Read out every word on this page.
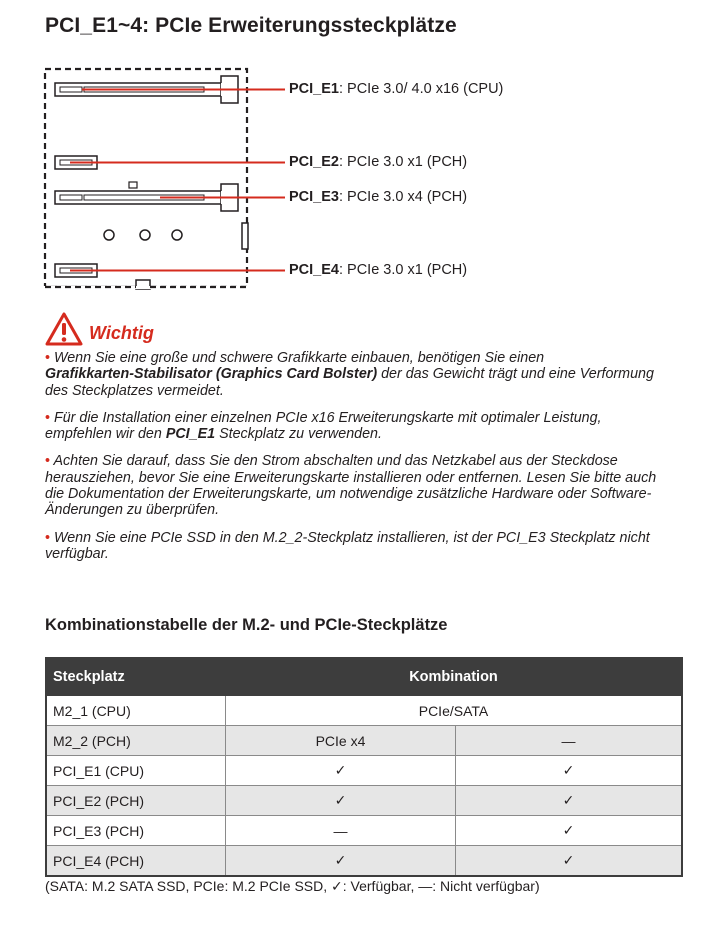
PCI_E1~4: PCIe Erweiterungssteckplätze
PCI_E1: PCIe 3.0/ 4.0 x16 (CPU)
PCI_E2: PCIe 3.0 x1 (PCH)
PCI_E3: PCIe 3.0 x4 (PCH)
PCI_E4: PCIe 3.0 x1 (PCH)
Wichtig

• Wenn Sie eine große und schwere Grafikkarte einbauen, benötigen Sie einen
Grafikkarten-Stabilisator (Graphics Card Bolster) der das Gewicht trägt und eine Verformung des Steckplatzes vermeidet.

• Für die Installation einer einzelnen PCIe x16 Erweiterungskarte mit optimaler Leistung, empfehlen wir den PCI_E1 Steckplatz zu verwenden.

• Achten Sie darauf, dass Sie den Strom abschalten und das Netzkabel aus der Steckdose herausziehen, bevor Sie eine Erweiterungskarte installieren oder entfernen. Lesen Sie bitte auch die Dokumentation der Erweiterungskarte, um notwendige zusätzliche Hardware oder Software-Änderungen zu überprüfen.

• Wenn Sie eine PCIe SSD in den M.2_2-Steckplatz installieren, ist der PCI_E3 Steckplatz nicht verfügbar.

Kombinationstabelle der M.2- und PCIe-Steckplätze
Steckplatz	Kombination	
M2_1 (CPU)	PCIe/SATA	
M2_2 (PCH)	PCIe x4	—
PCI_E1 (CPU)	✓	✓
PCI_E2 (PCH)	✓	✓
PCI_E3 (PCH)	—	✓
PCI_E4 (PCH)	✓	✓
(SATA: M.2 SATA SSD, PCIe: M.2 PCIe SSD, ✓: Verfügbar, —: Nicht verfügbar)
